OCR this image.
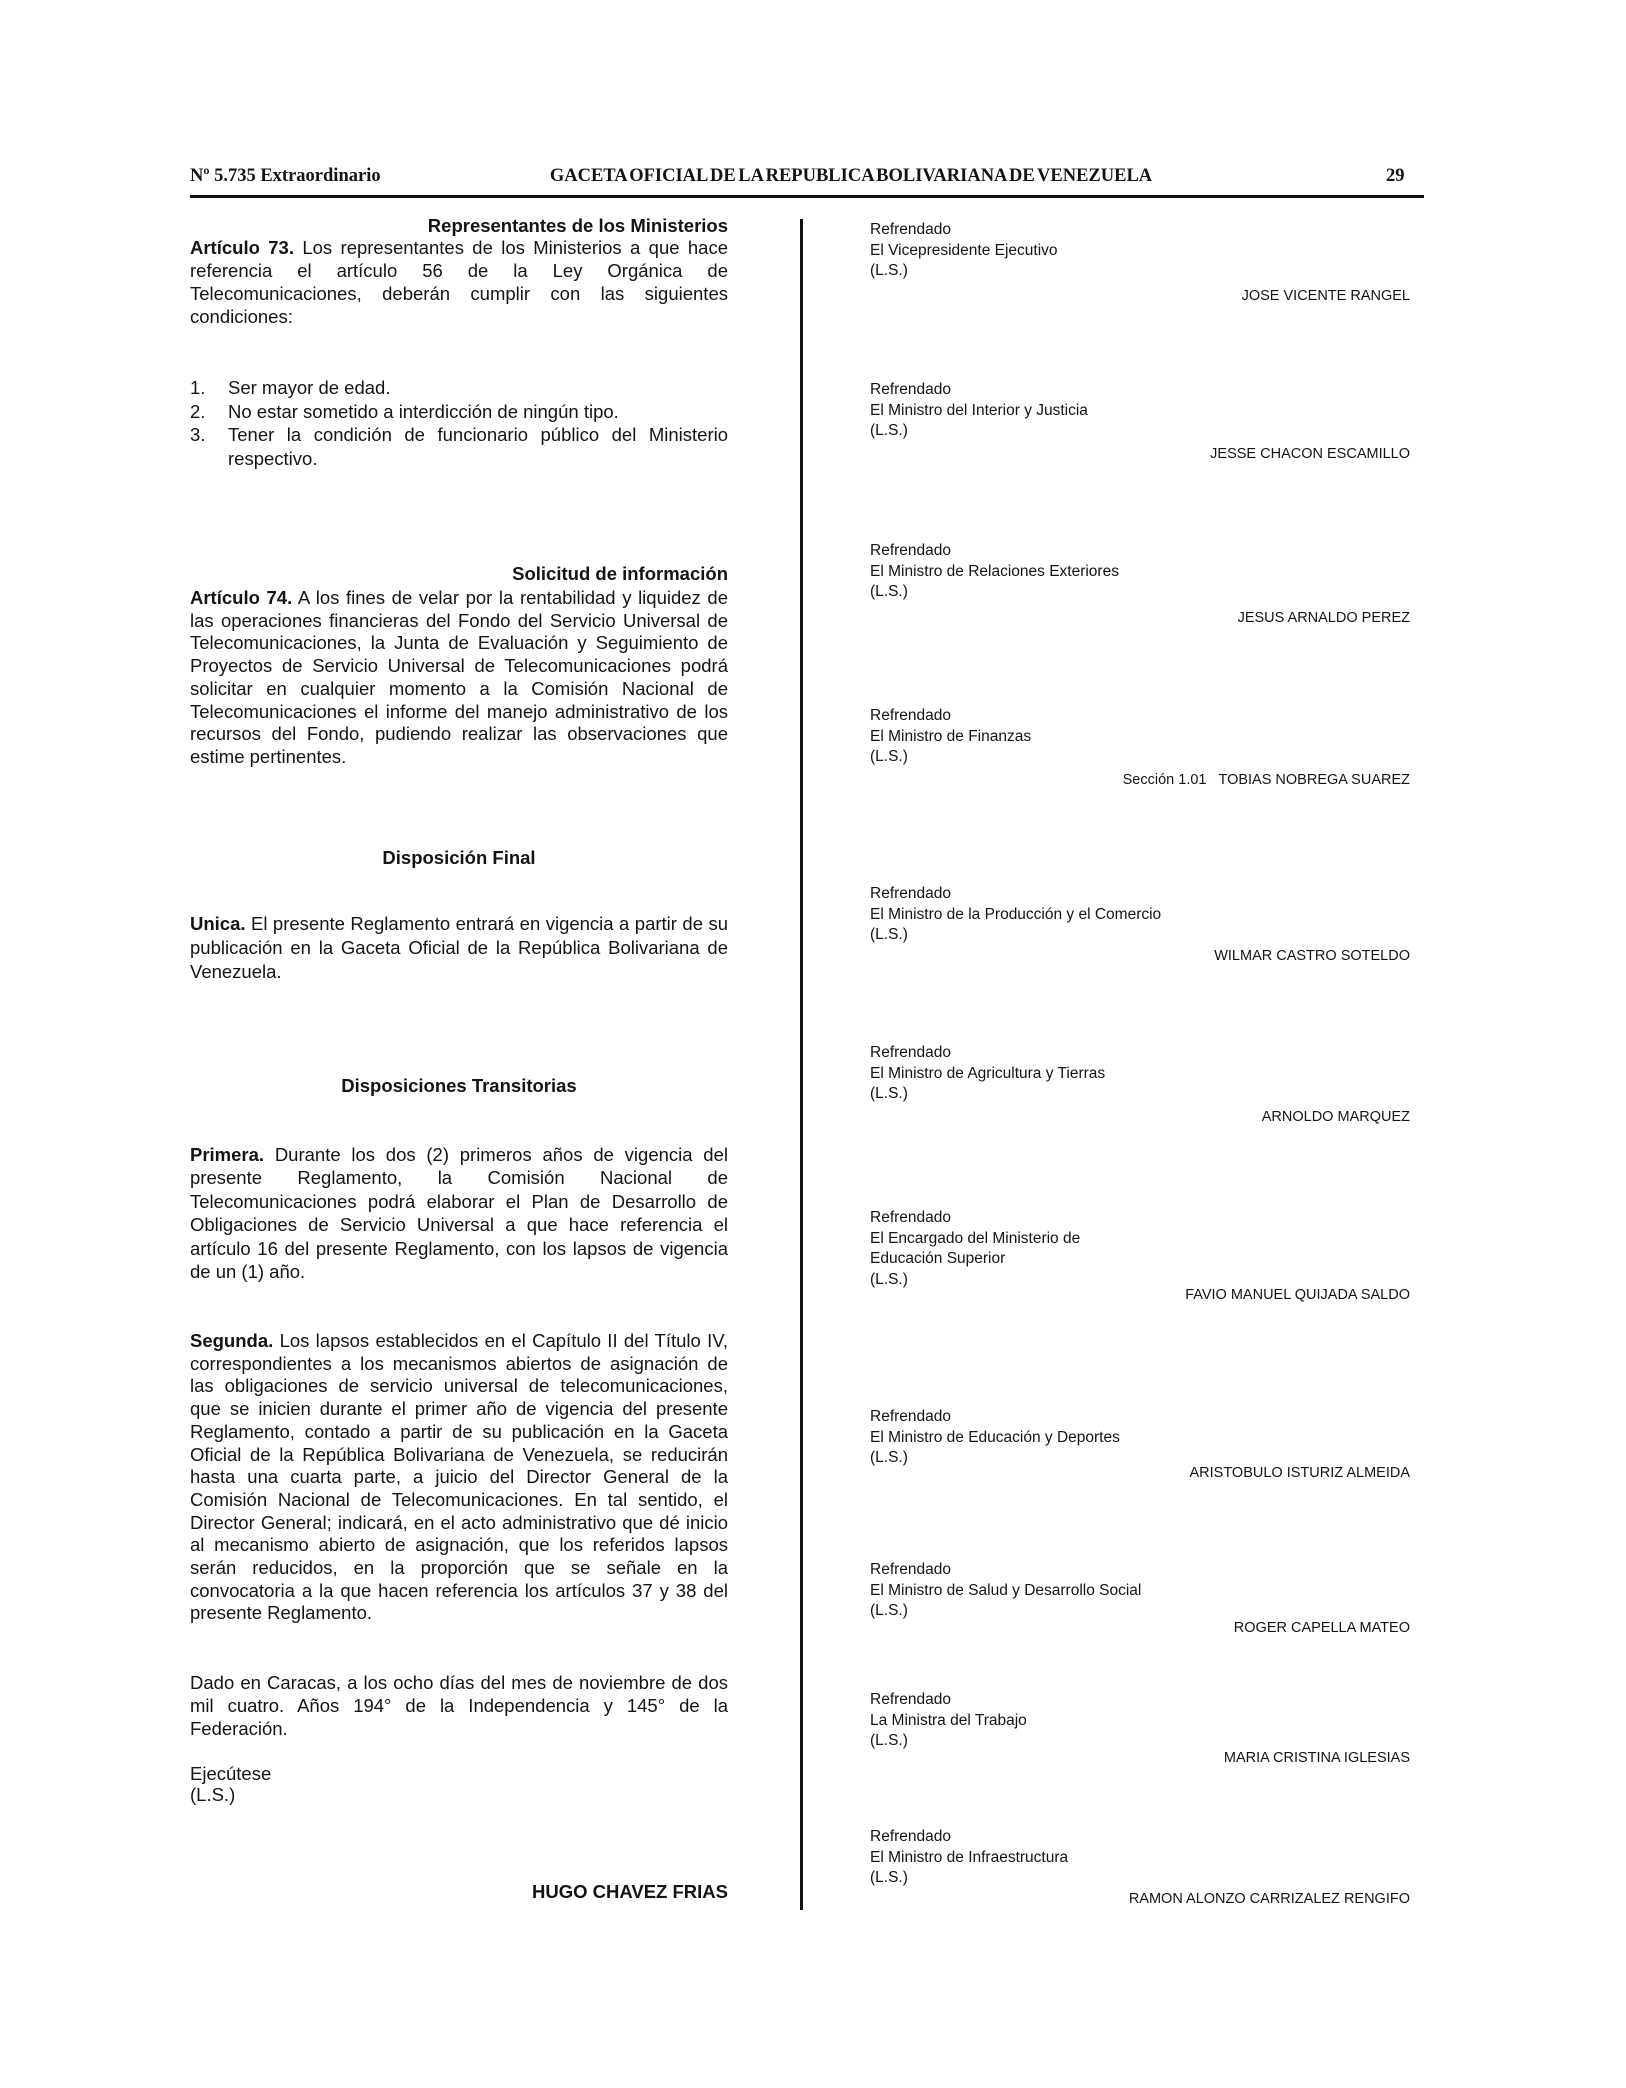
Nº 5.735 Extraordinario	GACETA OFICIAL DE LA REPUBLICA BOLIVARIANA DE VENEZUELA	29
Representantes de los Ministerios

Artículo 73. Los representantes de los Ministerios a que hace referencia el artículo 56 de la Ley Orgánica de Telecomunicaciones, deberán cumplir con las siguientes condiciones:

1.	Ser mayor de edad.
2.	No estar sometido a interdicción de ningún tipo.
3.	Tener la condición de funcionario público del Ministerio respectivo.
Solicitud de información

Artículo 74. A los fines de velar por la rentabilidad y liquidez de las operaciones financieras del Fondo del Servicio Universal de Telecomunicaciones, la Junta de Evaluación y Seguimiento de Proyectos de Servicio Universal de Telecomunicaciones podrá solicitar en cualquier momento a la Comisión Nacional de Telecomunicaciones el informe del manejo administrativo de los recursos del Fondo, pudiendo realizar las observaciones que estime pertinentes.

Disposición Final

Unica. El presente Reglamento entrará en vigencia a partir de su publicación en la Gaceta Oficial de la República Bolivariana de Venezuela.

Disposiciones Transitorias

Primera. Durante los dos (2) primeros años de vigencia del presente Reglamento, la Comisión Nacional de Telecomunicaciones podrá elaborar el Plan de Desarrollo de Obligaciones de Servicio Universal a que hace referencia el artículo 16 del presente Reglamento, con los lapsos de vigencia de un (1) año.

Segunda. Los lapsos establecidos en el Capítulo II del Título IV, correspondientes a los mecanismos abiertos de asignación de las obligaciones de servicio universal de telecomunicaciones, que se inicien durante el primer año de vigencia del presente Reglamento, contado a partir de su publicación en la Gaceta Oficial de la República Bolivariana de Venezuela, se reducirán hasta una cuarta parte, a juicio del Director General de la Comisión Nacional de Telecomunicaciones. En tal sentido, el Director General; indicará, en el acto administrativo que dé inicio al mecanismo abierto de asignación, que los referidos lapsos serán reducidos, en la proporción que se señale en la convocatoria a la que hacen referencia los artículos 37 y 38 del presente Reglamento.

Dado en Caracas, a los ocho días del mes de noviembre de dos mil cuatro. Años 194° de la Independencia y 145° de la Federación.

Ejecútese
(L.S.)
HUGO CHAVEZ FRIAS
Refrendado
El Vicepresidente Ejecutivo
(L.S.)
JOSE VICENTE RANGEL
Refrendado
El Ministro del Interior y Justicia
(L.S.)
JESSE CHACON ESCAMILLO
Refrendado
El Ministro de Relaciones Exteriores
(L.S.)
JESUS ARNALDO PEREZ
Refrendado
El Ministro de Finanzas
(L.S.)
Sección 1.01 TOBIAS NOBREGA SUAREZ
Refrendado
El Ministro de la Producción y el Comercio
(L.S.)
WILMAR CASTRO SOTELDO
Refrendado
El Ministro de Agricultura y Tierras
(L.S.)
ARNOLDO MARQUEZ
Refrendado
El Encargado del Ministerio de
Educación Superior
(L.S.)
FAVIO MANUEL QUIJADA SALDO
Refrendado
El Ministro de Educación y Deportes
(L.S.)
ARISTOBULO ISTURIZ ALMEIDA
Refrendado
El Ministro de Salud y Desarrollo Social
(L.S.)
ROGER CAPELLA MATEO
Refrendado
La Ministra del Trabajo
(L.S.)
MARIA CRISTINA IGLESIAS
Refrendado
El Ministro de Infraestructura
(L.S.)
RAMON ALONZO CARRIZALEZ RENGIFO
